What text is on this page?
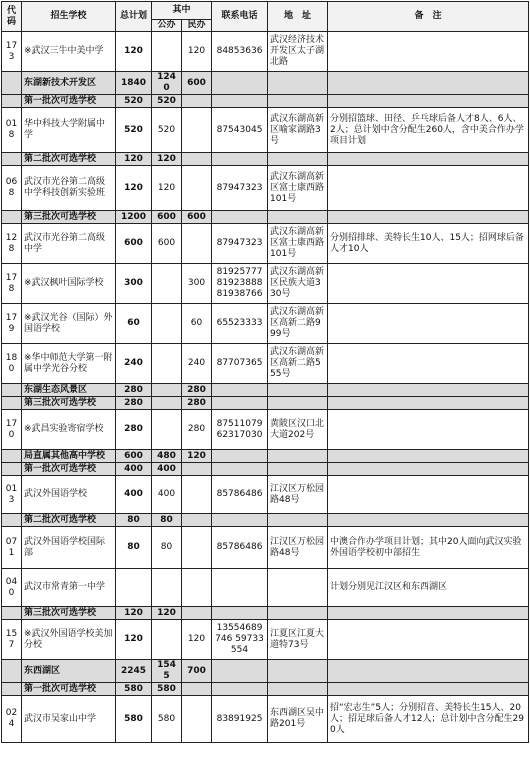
代码	招生学校	总计划	其中		联系电话	地　址	备　注
			公办	民办			
173	※武汉三牛中美中学	120		120	84853636	武汉经济技术开发区太子湖北路	
	东湖新技术开发区	1840	1240	600			
	第一批次可选学校	520	520				
018	华中科技大学附属中学	520	520		87543045	武汉东湖高新区喻家湖路3号	分别招篮球、田径、乒乓球后备人才8人、6人、2人；总计划中含分配生260人，含中美合作办学项目计划
	第二批次可选学校	120	120				
068	武汉市光谷第二高级中学科技创新实验班	120	120		87947323	武汉东湖高新区富士康西路101号	
	第三批次可选学校	1200	600	600			
128	武汉市光谷第二高级中学	600	600		87947323	武汉东湖高新区富士康西路101号	分别招排球、美特长生10人、15人；招网球后备人才10人
178	※武汉枫叶国际学校	300		300	81925777 81923888 81938766	武汉东湖高新区民族大道330号	
179	※武汉光谷（国际）外国语学校	60		60	65523333	武汉东湖高新区高新二路999号	
180	※华中师范大学第一附属中学光谷分校	240		240	87707365	武汉东湖高新区高新二路555号	
	东湖生态风景区	280		280			
	第三批次可选学校	280		280			
170	※武昌实验寄宿学校	280		280	87511079 62317030	黄陂区汉口北大道202号	
	局直属其他高中学校	600	480	120			
	第一批次可选学校	400	400				
013	武汉外国语学校	400	400		85786486	江汉区万松园路48号	
	第二批次可选学校	80	80				
071	武汉外国语学校国际部	80	80		85786486	江汉区万松园路48号	中澳合作办学项目计划；其中20人面向武汉实验外国语学校初中部招生
040	武汉市常青第一中学						计划分别见江汉区和东西湖区
	第三批次可选学校	120	120				
157	※武汉外国语学校美加分校	120		120	13554689746 59733554	江夏区江夏大道特73号	
	东西湖区	2245	1545	700			
	第一批次可选学校	580	580				
024	武汉市吴家山中学	580	580		83891925	东西湖区吴中路201号	招“宏志生”5人；分别招音、美特长生15人、20人；招足球后备人才12人；总计划中含分配生290人
